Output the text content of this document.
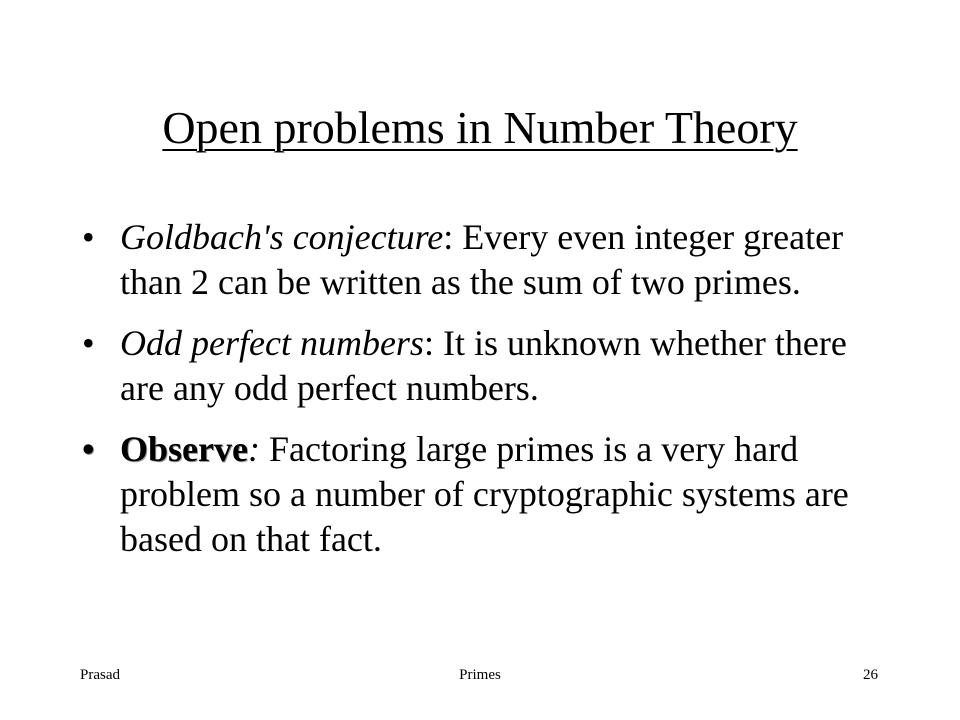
Open problems in Number Theory
• Goldbach's conjecture: Every even integer greater than 2 can be written as the sum of two primes.
• Odd perfect numbers: It is unknown whether there are any odd perfect numbers.
• Observe: Factoring large primes is a very hard problem so a number of cryptographic systems are based on that fact.
Prasad	Primes	26
